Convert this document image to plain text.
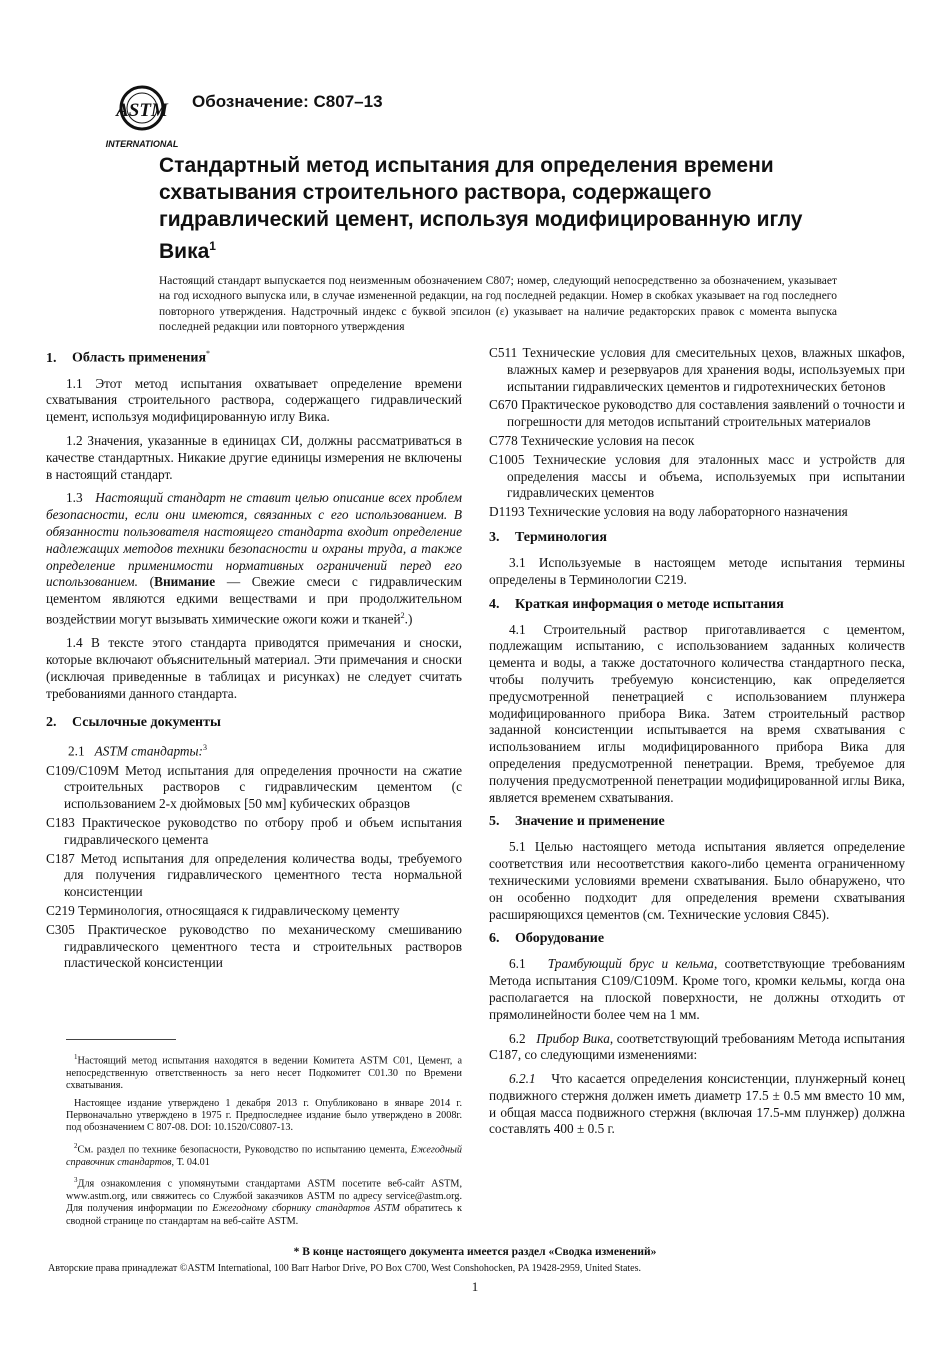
ASTM
INTERNATIONAL
Обозначение: C807–13
Стандартный метод испытания для определения времени схватывания строительного раствора, содержащего гидравлический цемент, используя модифицированную иглу Вика$^1$

Настоящий стандарт выпускается под неизменным обозначением C807; номер, следующий непосредственно за обозначением, указывает на год исходного выпуска или, в случае измененной редакции, на год последней редакции. Номер в скобках указывает на год последнего повторного утверждения. Надстрочный индекс с буквой эпсилон (ε) указывает на наличие редакторских правок с момента выпуска последней редакции или повторного утверждения

1. Область применения*

1.1 Этот метод испытания охватывает определение времени схватывания строительного раствора, содержащего гидравлический цемент, используя модифицированную иглу Вика.

1.2 Значения, указанные в единицах СИ, должны рассматриваться в качестве стандартных. Никакие другие единицы измерения не включены в настоящий стандарт.

1.3 Настоящий стандарт не ставит целью описание всех проблем безопасности, если они имеются, связанных с его использованием. В обязанности пользователя настоящего стандарта входит определение надлежащих методов техники безопасности и охраны труда, а также определение применимости нормативных ограничений перед его использованием. (Внимание — Свежие смеси с гидравлическим цементом являются едкими веществами и при продолжительном воздействии могут вызывать химические ожоги кожи и тканей$^2$.)

1.4 В тексте этого стандарта приводятся примечания и сноски, которые включают объяснительный материал. Эти примечания и сноски (исключая приведенные в таблицах и рисунках) не следует считать требованиями данного стандарта.

2. Ссылочные документы
2.1 ASTM стандарты:$^3$
C109/C109M Метод испытания для определения прочности на сжатие строительных растворов с гидравлическим цементом (с использованием 2-х дюймовых [50 мм] кубических образцов
C183 Практическое руководство по отбору проб и объем испытания гидравлического цемента
C187 Метод испытания для определения количества воды, требуемого для получения гидравлического цементного теста нормальной консистенции
C219 Терминология, относящаяся к гидравлическому цементу
C305 Практическое руководство по механическому смешиванию гидравлического цементного теста и строительных растворов пластической консистенции

$^1$Настоящий метод испытания находятся в ведении Комитета ASTM C01, Цемент, а непосредственную ответственность за него несет Подкомитет C01.30 по Времени схватывания.

Настоящее издание утверждено 1 декабря 2013 г. Опубликовано в январе 2014 г. Первоначально утверждено в 1975 г. Предпоследнее издание было утверждено в 2008г. под обозначением C 807-08. DOI: 10.1520/C0807-13.

$^2$См. раздел по технике безопасности, Руководство по испытанию цемента, Ежегодный справочник стандартов, Т. 04.01

$^3$Для ознакомления с упомянутыми стандартами ASTM посетите веб-сайт ASTM, www.astm.org, или свяжитесь со Службой заказчиков ASTM по адресу service@astm.org. Для получения информации по Ежегодному сборнику стандартов ASTM обратитесь к сводной странице по стандартам на веб-сайте ASTM.

C511 Технические условия для смесительных цехов, влажных шкафов, влажных камер и резервуаров для хранения воды, используемых при испытании гидравлических цементов и гидротехнических бетонов
C670 Практическое руководство для составления заявлений о точности и погрешности для методов испытаний строительных материалов
C778 Технические условия на песок
C1005 Технические условия для эталонных масс и устройств для определения массы и объема, используемых при испытании гидравлических цементов
D1193 Технические условия на воду лабораторного назначения
3. Терминология

3.1 Используемые в настоящем методе испытания термины определены в Терминологии C219.

4. Краткая информация о методе испытания

4.1 Строительный раствор приготавливается с цементом, подлежащим испытанию, с использованием заданных количеств цемента и воды, а также достаточного количества стандартного песка, чтобы получить требуемую консистенцию, как определяется предусмотренной пенетрацией с использованием плунжера модифицированного прибора Вика. Затем строительный раствор заданной консистенции испытывается на время схватывания с использованием иглы модифицированного прибора Вика для определения предусмотренной пенетрации. Время, требуемое для получения предусмотренной пенетрации модифицированной иглы Вика, является временем схватывания.

5. Значение и применение

5.1 Целью настоящего метода испытания является определение соответствия или несоответствия какого-либо цемента ограниченному техническими условиями времени схватывания. Было обнаружено, что он особенно подходит для определения времени схватывания расширяющихся цементов (см. Технические условия C845).

6. Оборудование

6.1 Трамбующий брус и кельма, соответствующие требованиям Метода испытания C109/C109M. Кроме того, кромки кельмы, когда она располагается на плоской поверхности, не должны отходить от прямолинейности более чем на 1 мм.

6.2 Прибор Вика, соответствующий требованиям Метода испытания C187, со следующими изменениями:

6.2.1 Что касается определения консистенции, плунжерный конец подвижного стержня должен иметь диаметр 17.5 ± 0.5 мм вместо 10 мм, и общая масса подвижного стержня (включая 17.5-мм плунжер) должна составлять 400 ± 0.5 г.

* В конце настоящего документа имеется раздел «Сводка изменений»
Авторские права принадлежат ©ASTM International, 100 Barr Harbor Drive, PO Box C700, West Conshohocken, PA 19428-2959, United States.
1
